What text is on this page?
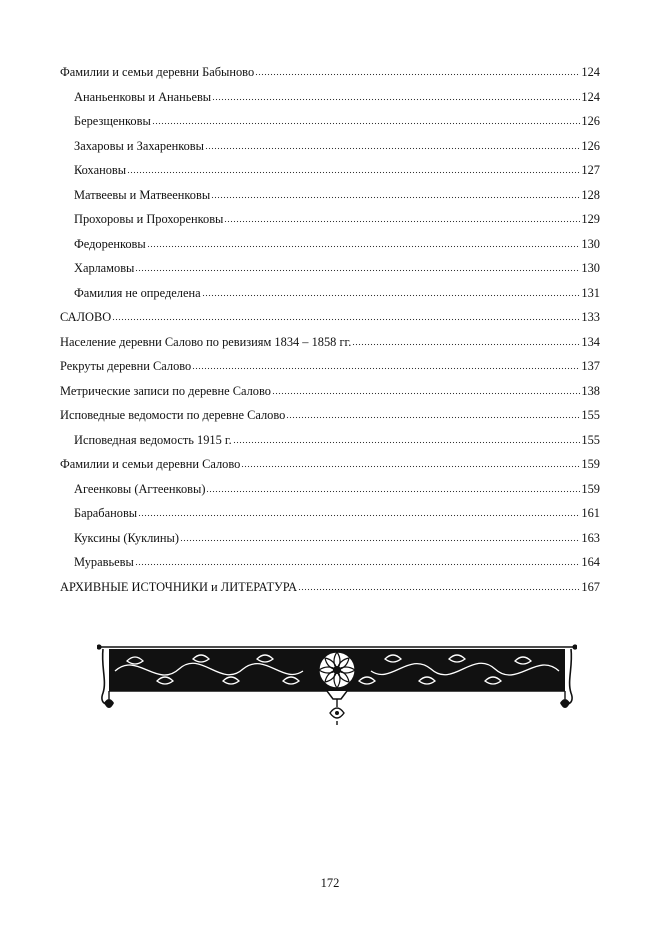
Фамилии и семьи деревни Бабыново	124
Ананьенковы и Ананьевы	124
Березщенковы	126
Захаровы и Захаренковы	126
Кохановы	127
Матвеевы и Матвеенковы	128
Прохоровы и Прохоренковы	129
Федоренковы	130
Харламовы	130
Фамилия не определена	131
САЛОВО	133
Население деревни Салово по ревизиям 1834 – 1858 гг.	134
Рекруты деревни Салово	137
Метрические записи по деревне Салово	138
Исповедные ведомости по деревне Салово	155
Исповедная ведомость 1915 г.	155
Фамилии и семьи деревни Салово	159
Агеенковы (Агтеенковы)	159
Барабановы	161
Куксины (Куклины)	163
Муравьевы	164
АРХИВНЫЕ ИСТОЧНИКИ и ЛИТЕРАТУРА	167
172
